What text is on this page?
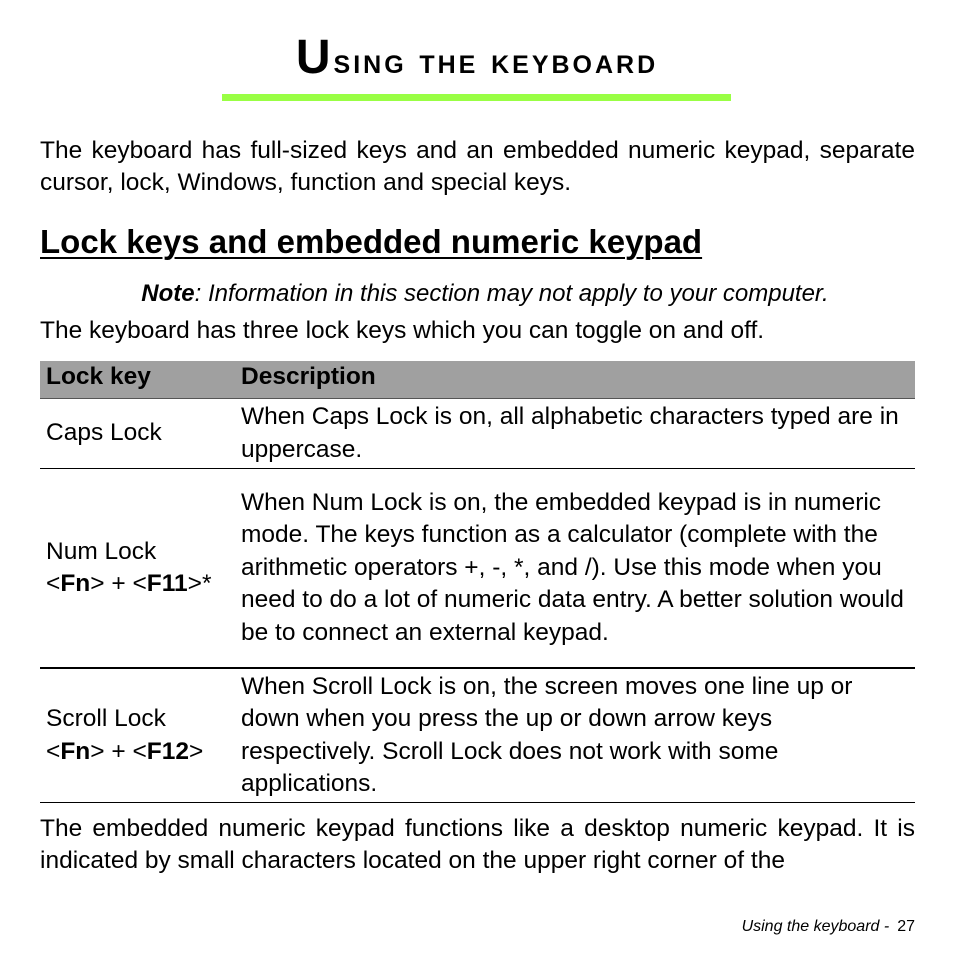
Using the keyboard

The keyboard has full-sized keys and an embedded numeric keypad, separate cursor, lock, Windows, function and special keys.

Lock keys and embedded numeric keypad
Note: Information in this section may not apply to your computer.

The keyboard has three lock keys which you can toggle on and off.

Lock key	Description
Caps Lock	When Caps Lock is on, all alphabetic characters typed are in uppercase.
Num Lock
<Fn> + <F11>*	When Num Lock is on, the embedded keypad is in numeric mode. The keys function as a calculator (complete with the arithmetic operators +, -, *, and /). Use this mode when you need to do a lot of numeric data entry. A better solution would be to connect an external keypad.
Scroll Lock
<Fn> + <F12>	When Scroll Lock is on, the screen moves one line up or down when you press the up or down arrow keys respectively. Scroll Lock does not work with some applications.

The embedded numeric keypad functions like a desktop numeric keypad. It is indicated by small characters located on the upper right corner of the

Using the keyboard - 27
